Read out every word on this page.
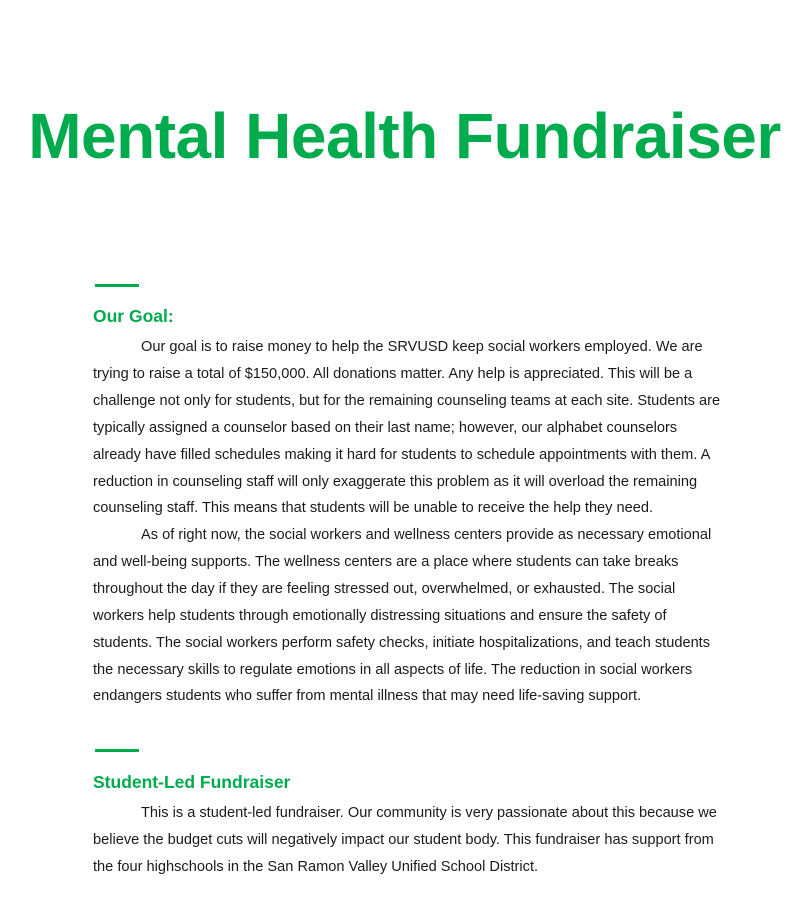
Mental Health Fundraiser
Our Goal:

Our goal is to raise money to help the SRVUSD keep social workers employed. We are trying to raise a total of $150,000. All donations matter. Any help is appreciated. This will be a challenge not only for students, but for the remaining counseling teams at each site. Students are typically assigned a counselor based on their last name; however, our alphabet counselors already have filled schedules making it hard for students to schedule appointments with them. A reduction in counseling staff will only exaggerate this problem as it will overload the remaining counseling staff. This means that students will be unable to receive the help they need.

As of right now, the social workers and wellness centers provide as necessary emotional and well-being supports. The wellness centers are a place where students can take breaks throughout the day if they are feeling stressed out, overwhelmed, or exhausted. The social workers help students through emotionally distressing situations and ensure the safety of students. The social workers perform safety checks, initiate hospitalizations, and teach students the necessary skills to regulate emotions in all aspects of life. The reduction in social workers endangers students who suffer from mental illness that may need life-saving support.

Student-Led Fundraiser

This is a student-led fundraiser. Our community is very passionate about this because we believe the budget cuts will negatively impact our student body. This fundraiser has support from the four highschools in the San Ramon Valley Unified School District.
